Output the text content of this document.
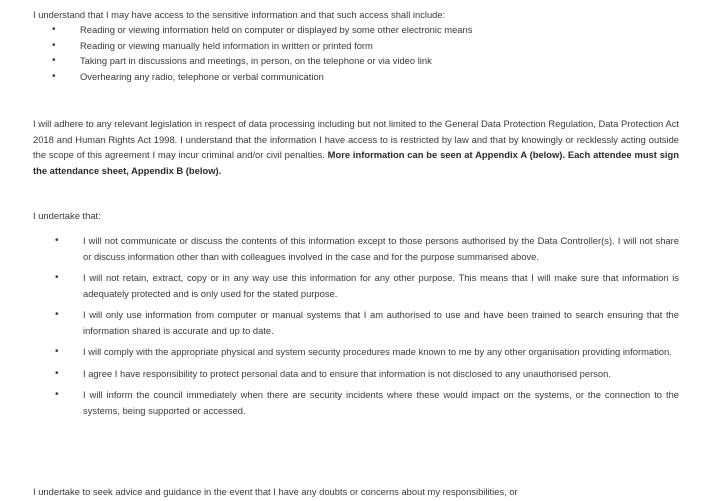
I understand that I may have access to the sensitive information and that such access shall include:

• Reading or viewing information held on computer or displayed by some other electronic means
• Reading or viewing manually held information in written or printed form
• Taking part in discussions and meetings, in person, on the telephone or via video link
• Overhearing any radio, telephone or verbal communication

I will adhere to any relevant legislation in respect of data processing including but not limited to the General Data Protection Regulation, Data Protection Act 2018 and Human Rights Act 1998. I understand that the information I have access to is restricted by law and that by knowingly or recklessly acting outside the scope of this agreement I may incur criminal and/or civil penalties. More information can be seen at Appendix A (below). Each attendee must sign the attendance sheet, Appendix B (below).

I undertake that:

• I will not communicate or discuss the contents of this information except to those persons authorised by the Data Controller(s). I will not share or discuss information other than with colleagues involved in the case and for the purpose summarised above.
• I will not retain, extract, copy or in any way use this information for any other purpose. This means that I will make sure that information is adequately protected and is only used for the stated purpose.
• I will only use information from computer or manual systems that I am authorised to use and have been trained to search ensuring that the information shared is accurate and up to date.
• I will comply with the appropriate physical and system security procedures made known to me by any other organisation providing information.
• I agree I have responsibility to protect personal data and to ensure that information is not disclosed to any unauthorised person.
• I will inform the council immediately when there are security incidents where these would impact on the systems, or the connection to the systems, being supported or accessed.

I undertake to seek advice and guidance in the event that I have any doubts or concerns about my responsibilities, or
